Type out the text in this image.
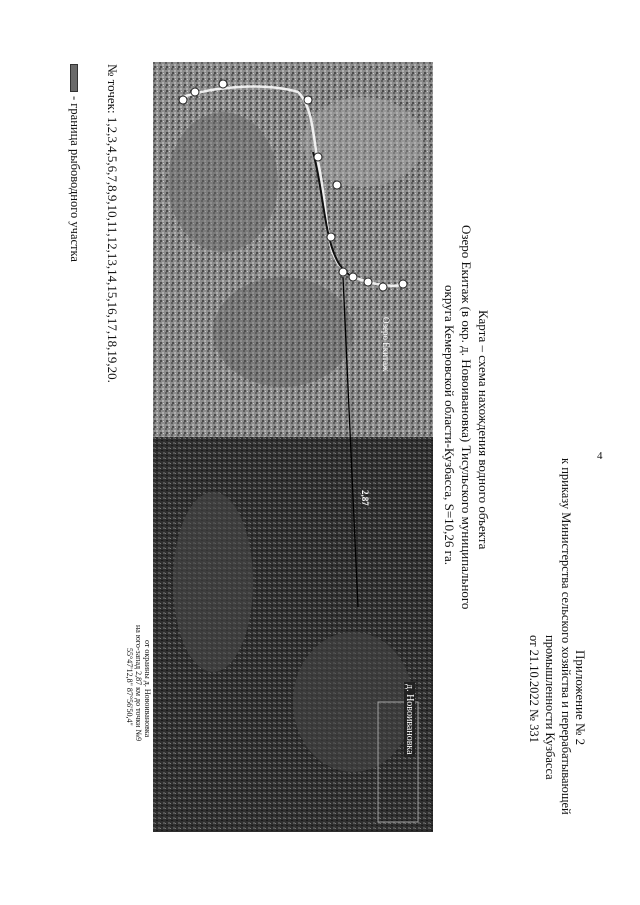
4
Приложение № 2
к приказу Министерства сельского хозяйства и перерабатывающей
промышленности Кузбасса
от 21.10.2022 № 331
Карта – схема нахождения водного объекта
Озеро Екитаж (в окр. д. Новоивановка) Тисульского муниципального
округа Кемеровской области-Кузбасса, S=10,26 га.
Озеро Екитаж
2,87
д. Новоивановка
от окраины д. Новоивановка
на юго-запад 2,87 км до точки №9
55°47'12,8" 87°56'50,4"
№ точек: 1,2,3,4,5,6,7,8,9,10,11,12,13,14,15,16,17,18,19,20.
- граница рыбоводного участка
